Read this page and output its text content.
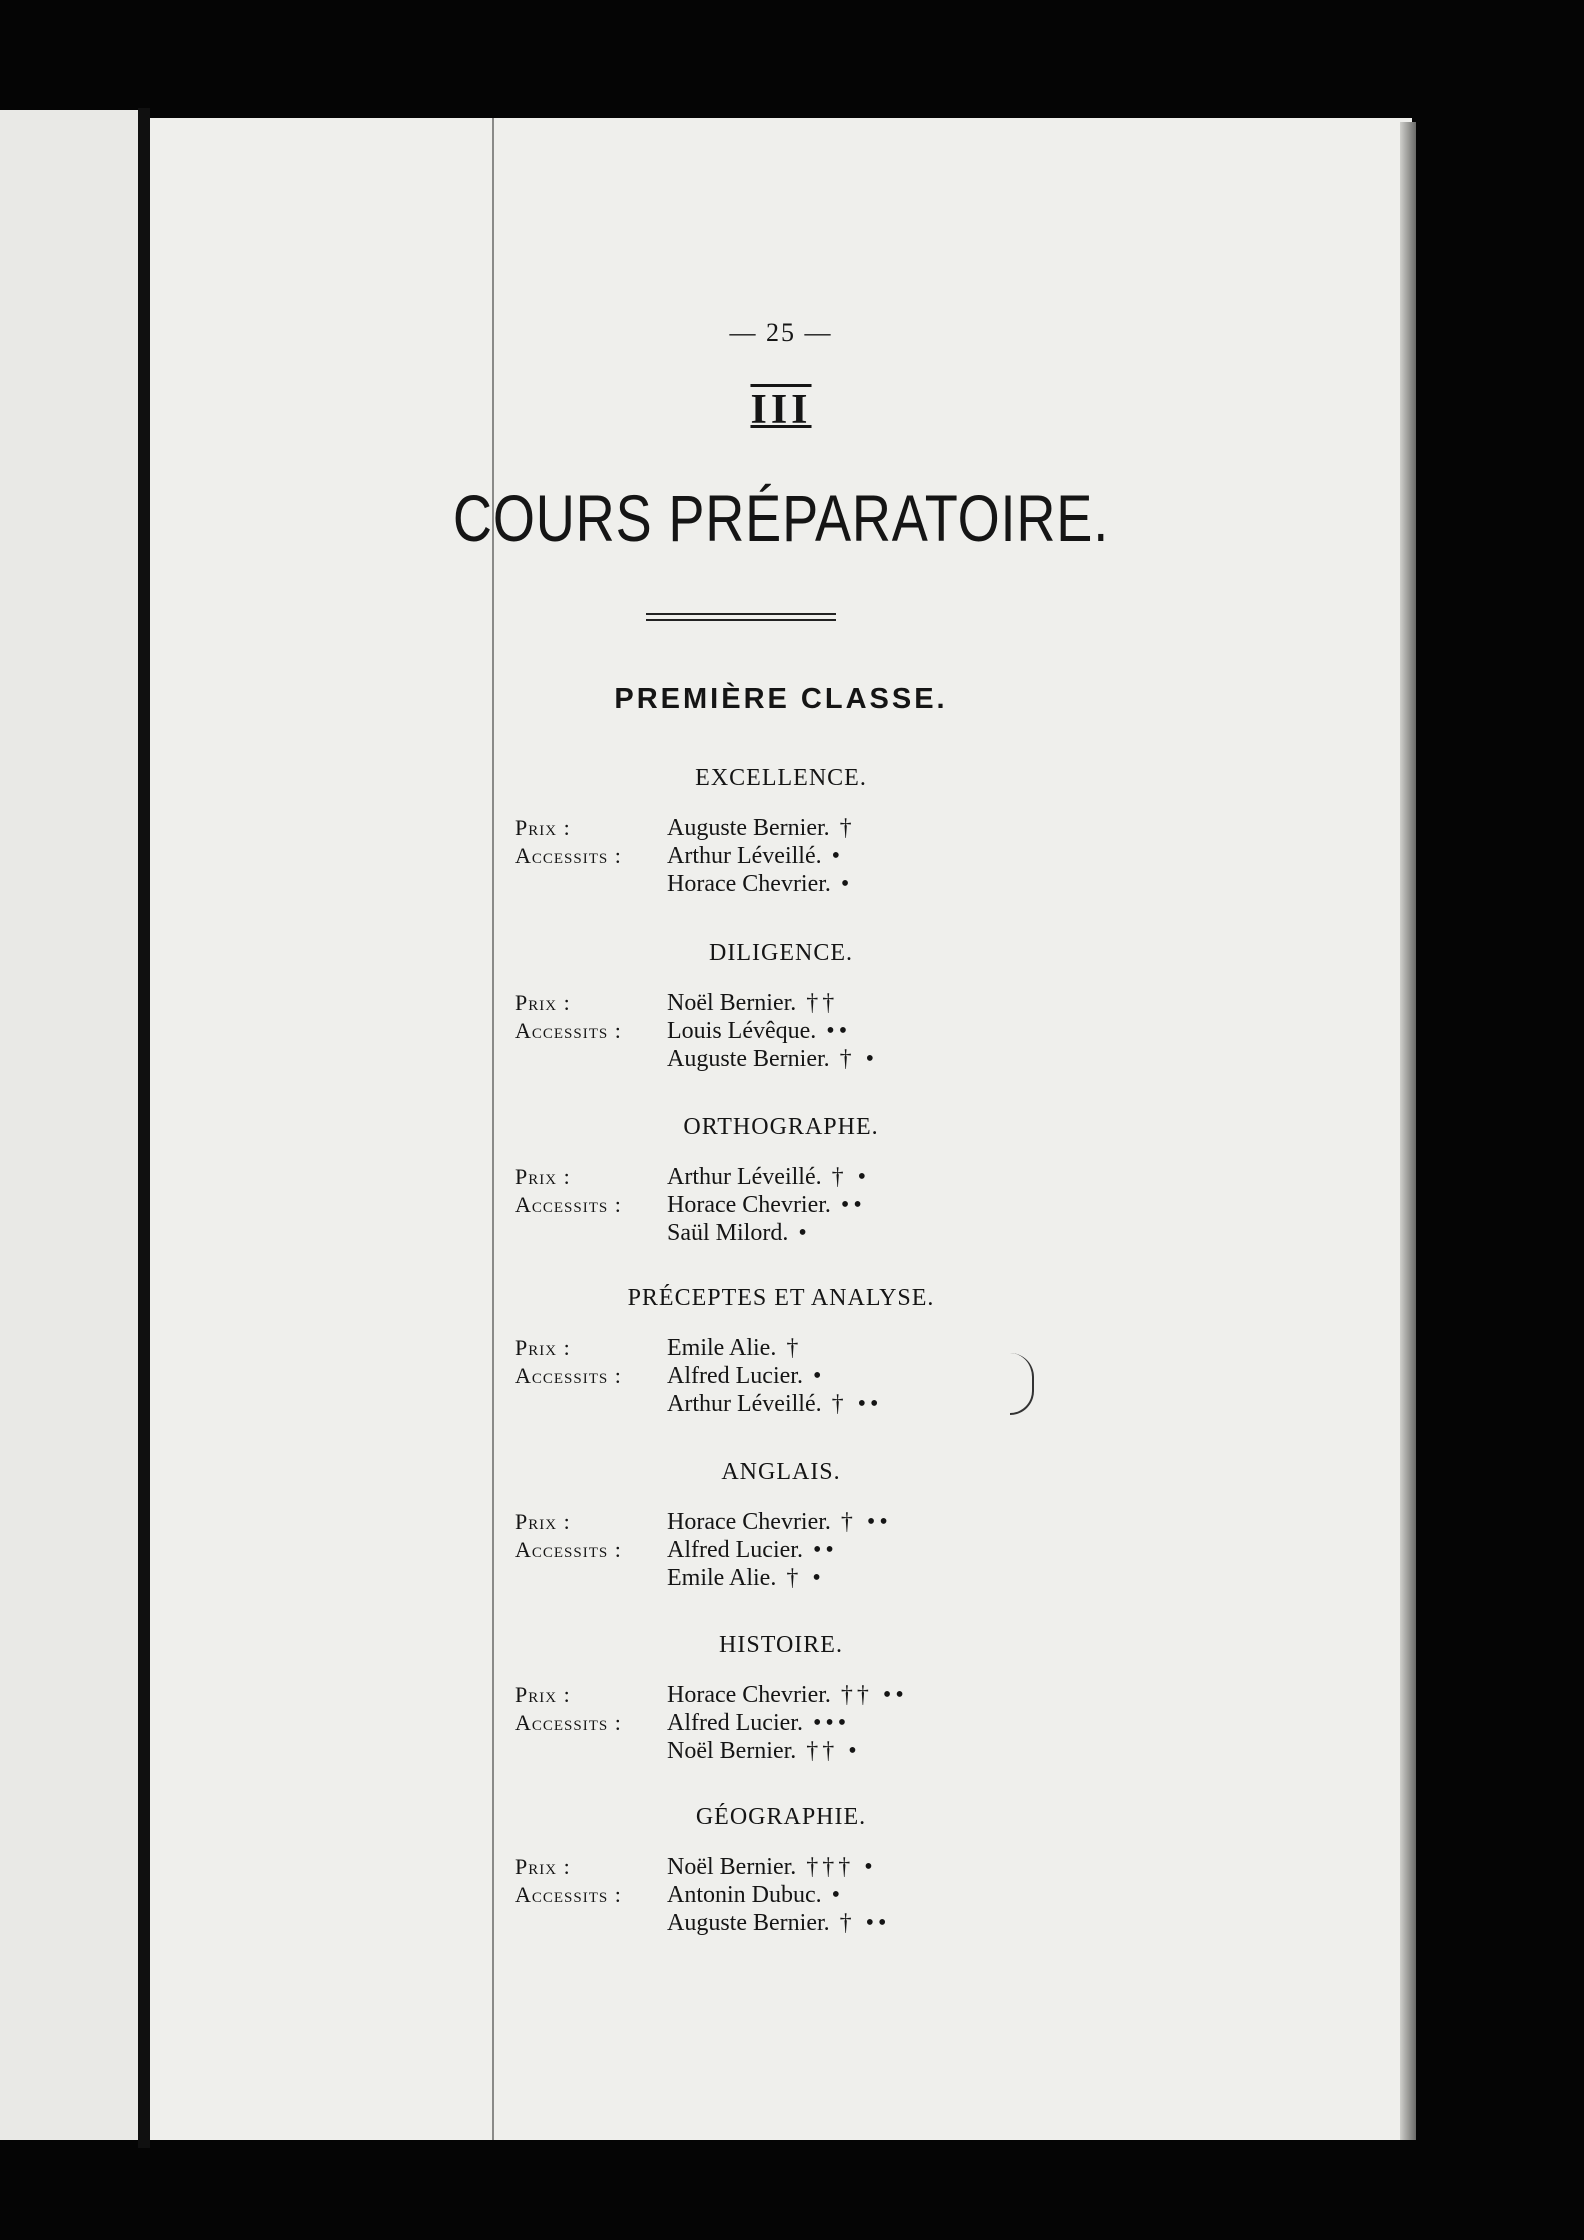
— 25 —
III
COURS PRÉPARATOIRE.
PREMIÈRE CLASSE.
EXCELLENCE.
Prix :	Auguste Bernier. †
Accessits : Arthur Léveillé. •
Horace Chevrier. •
DILIGENCE.
Prix :	Noël Bernier. ††
Accessits : Louis Lévêque. ••
Auguste Bernier. † •
ORTHOGRAPHE.
Prix :	Arthur Léveillé. † •
Accessits : Horace Chevrier. ••
Saül Milord. •
PRÉCEPTES ET ANALYSE.
Prix :	Emile Alie. †
Accessits : Alfred Lucier. •
Arthur Léveillé. † ••
ANGLAIS.
Prix :	Horace Chevrier. † ••
Accessits : Alfred Lucier. ••
Emile Alie. † •
HISTOIRE.
Prix :	Horace Chevrier. †† ••
Accessits : Alfred Lucier. •••
Noël Bernier. †† •
GÉOGRAPHIE.
Prix :	Noël Bernier. ††† •
Accessits : Antonin Dubuc. •
Auguste Bernier. † ••
